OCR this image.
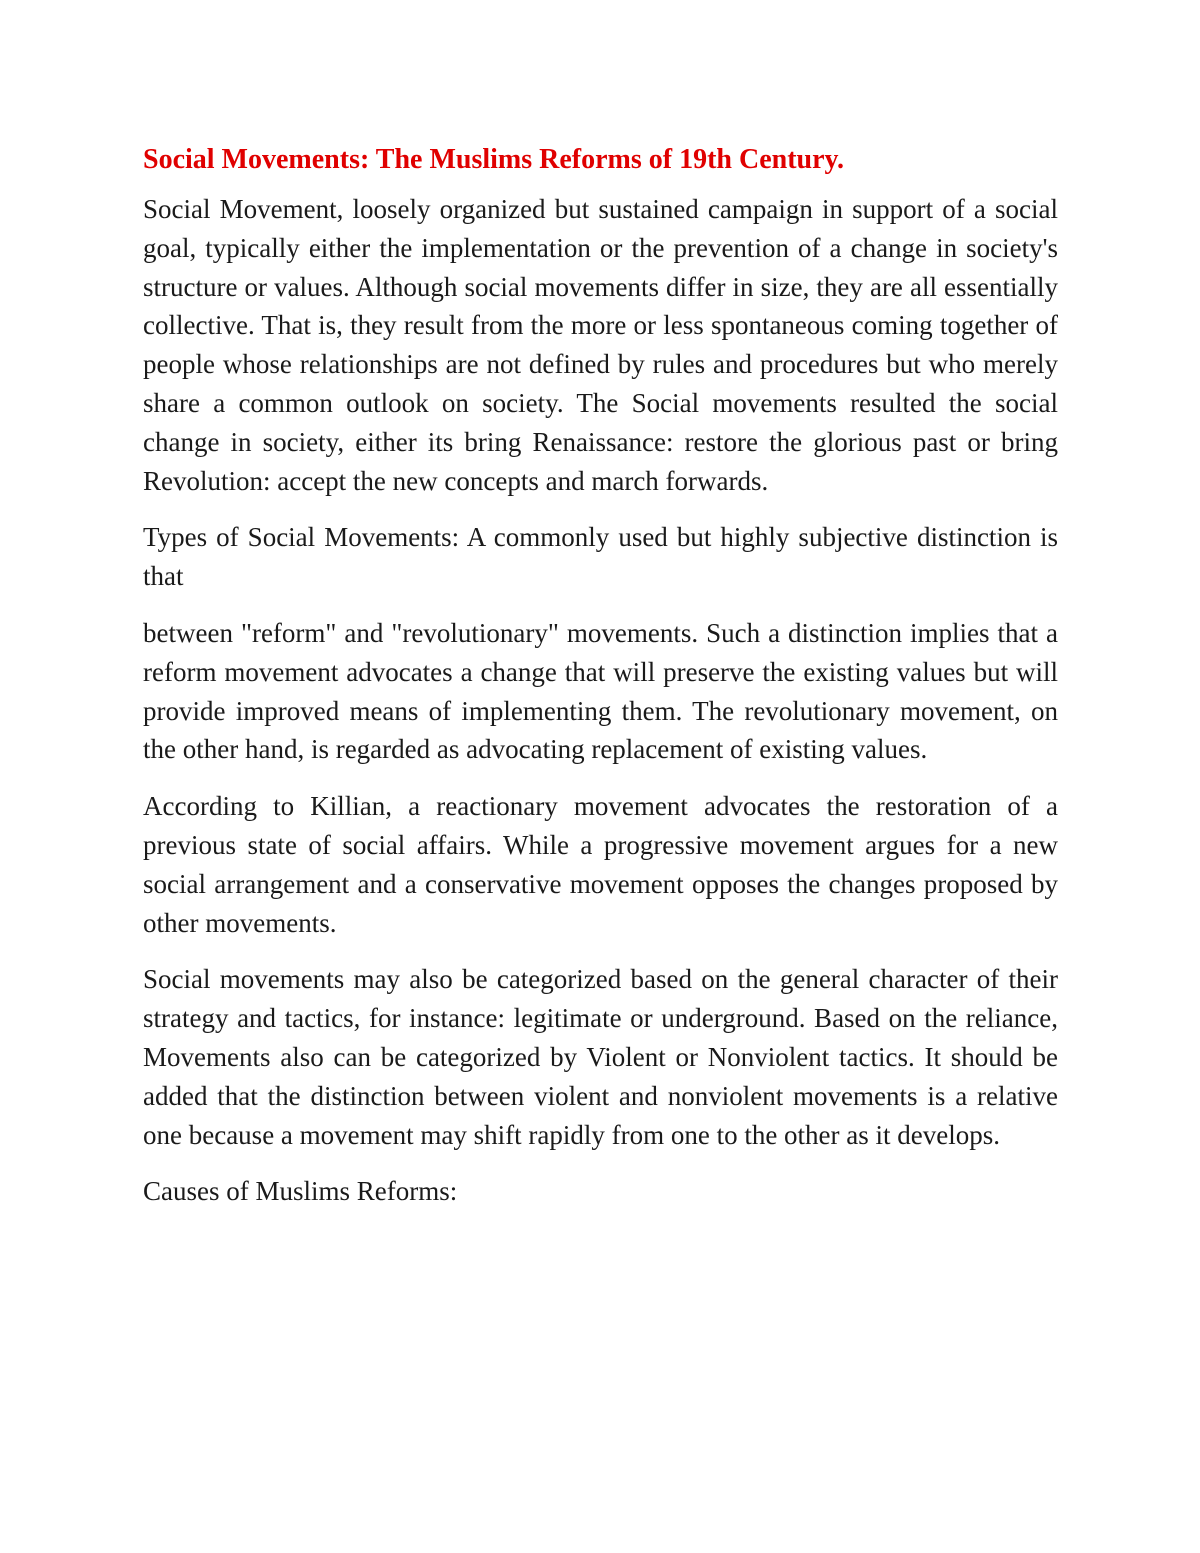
Social Movements: The Muslims Reforms of 19th Century.

Social Movement, loosely organized but sustained campaign in support of a social goal, typically either the implementation or the prevention of a change in society's structure or values. Although social movements differ in size, they are all essentially collective. That is, they result from the more or less spontaneous coming together of people whose relationships are not defined by rules and procedures but who merely share a common outlook on society. The Social movements resulted the social change in society, either its bring Renaissance: restore the glorious past or bring Revolution: accept the new concepts and march forwards.

Types of Social Movements: A commonly used but highly subjective distinction is that

between "reform" and "revolutionary" movements. Such a distinction implies that a reform movement advocates a change that will preserve the existing values but will provide improved means of implementing them. The revolutionary movement, on the other hand, is regarded as advocating replacement of existing values.

According to Killian, a reactionary movement advocates the restoration of a previous state of social affairs. While a progressive movement argues for a new social arrangement and a conservative movement opposes the changes proposed by other movements.

Social movements may also be categorized based on the general character of their strategy and tactics, for instance: legitimate or underground. Based on the reliance, Movements also can be categorized by Violent or Nonviolent tactics. It should be added that the distinction between violent and nonviolent movements is a relative one because a movement may shift rapidly from one to the other as it develops.

Causes of Muslims Reforms:
